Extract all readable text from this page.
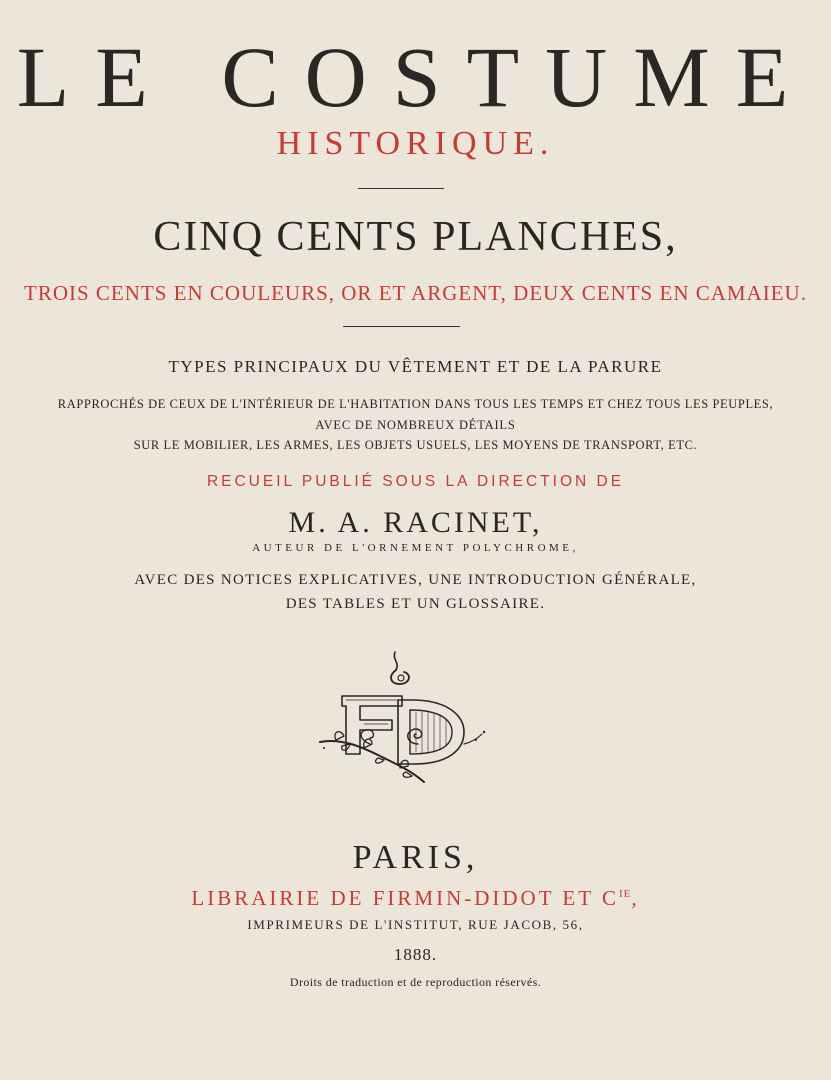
LE COSTUME
HISTORIQUE.
CINQ CENTS PLANCHES,
TROIS CENTS EN COULEURS, OR ET ARGENT, DEUX CENTS EN CAMAIEU.
TYPES PRINCIPAUX DU VÊTEMENT ET DE LA PARURE
RAPPROCHÉS DE CEUX DE L'INTÉRIEUR DE L'HABITATION DANS TOUS LES TEMPS ET CHEZ TOUS LES PEUPLES,
AVEC DE NOMBREUX DÉTAILS
SUR LE MOBILIER, LES ARMES, LES OBJETS USUELS, LES MOYENS DE TRANSPORT, ETC.
RECUEIL PUBLIÉ SOUS LA DIRECTION DE
M. A. RACINET,
AUTEUR DE L'ORNEMENT POLYCHROME,
AVEC DES NOTICES EXPLICATIVES, UNE INTRODUCTION GÉNÉRALE,
DES TABLES ET UN GLOSSAIRE.
PARIS,
LIBRAIRIE DE FIRMIN-DIDOT ET $C^{IE}$,
IMPRIMEURS DE L'INSTITUT, RUE JACOB, 56,
1888.
Droits de traduction et de reproduction réservés.
